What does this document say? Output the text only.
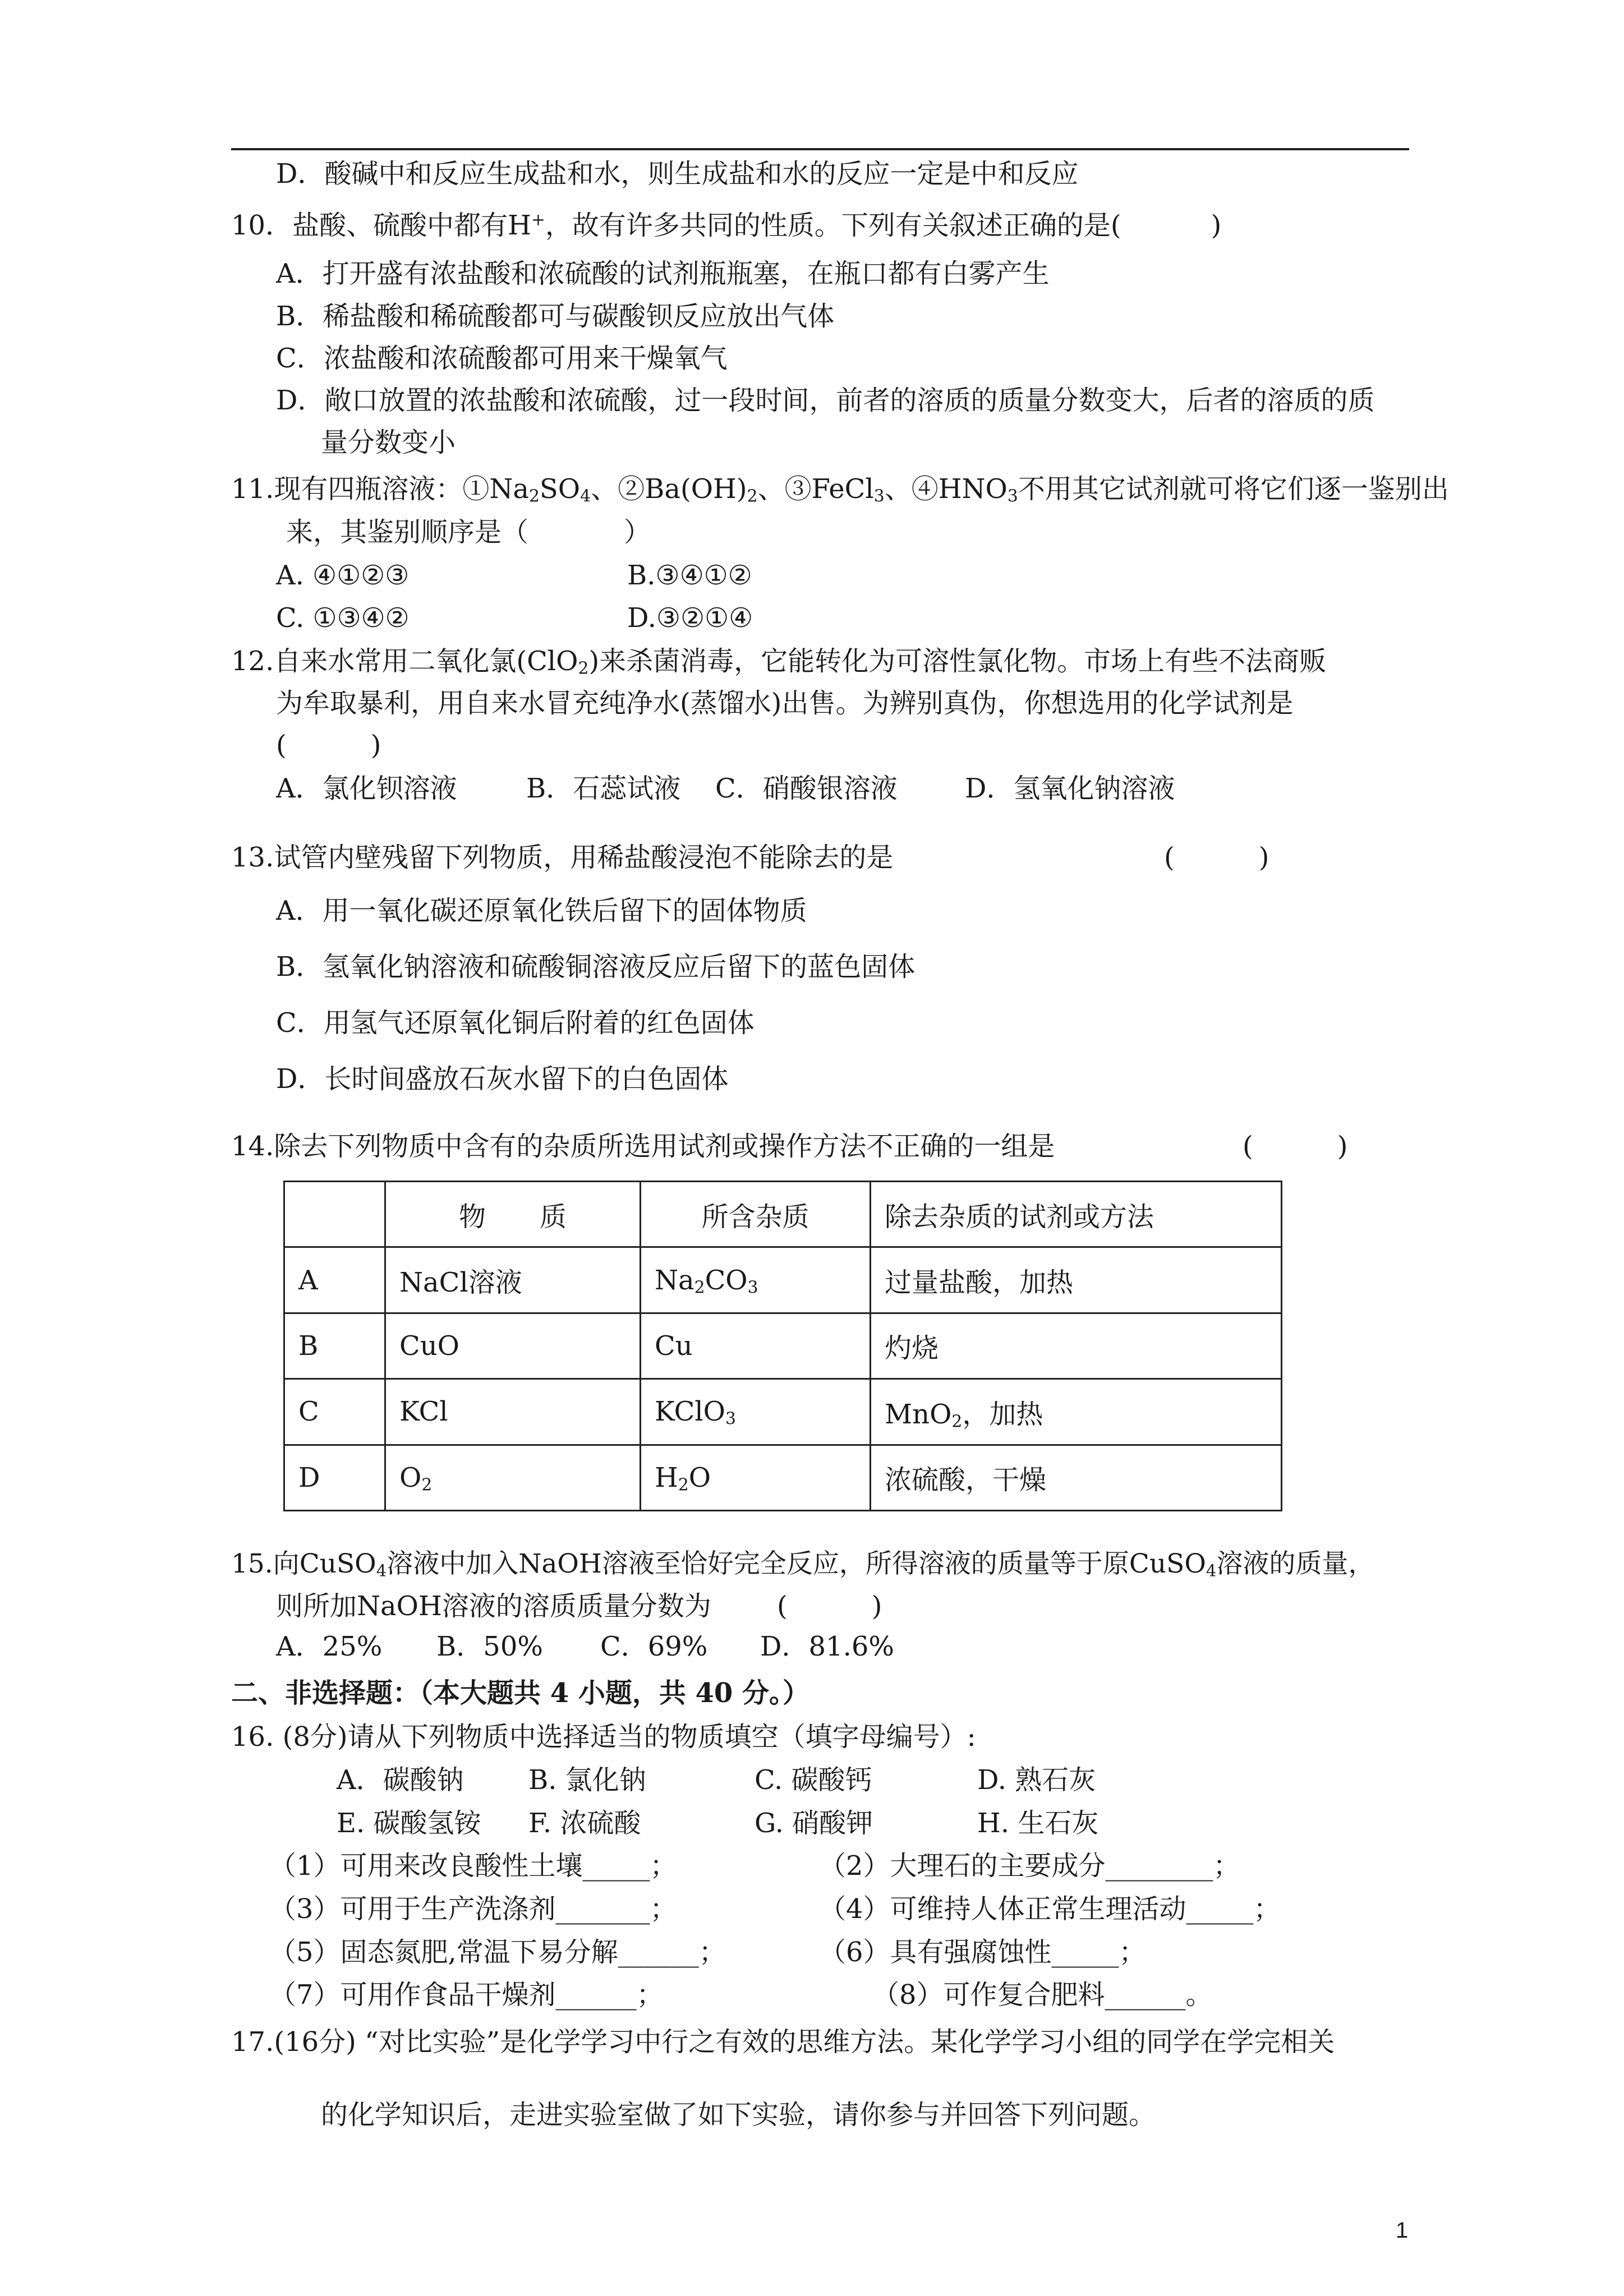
D．酸碱中和反应生成盐和水，则生成盐和水的反应一定是中和反应
10．盐酸、硫酸中都有H+，故有许多共同的性质。下列有关叙述正确的是(	)
A．打开盛有浓盐酸和浓硫酸的试剂瓶瓶塞，在瓶口都有白雾产生
B．稀盐酸和稀硫酸都可与碳酸钡反应放出气体
C．浓盐酸和浓硫酸都可用来干燥氧气
D．敞口放置的浓盐酸和浓硫酸，过一段时间，前者的溶质的质量分数变大，后者的溶质的质
量分数变小
11.现有四瓶溶液：$①Na_2SO_4$、$②Ba(OH)_2$、③FeCl$_3$、$④HNO_3$不用其它试剂就可将它们逐一鉴别出
来，其鉴别顺序是（	）
A. ④①②③	B.③④①②
C. ①③④②	D.③②①④
12.自来水常用二氧化氯(ClO$_2$)来杀菌消毒，它能转化为可溶性氯化物。市场上有些不法商贩
为牟取暴利，用自来水冒充纯净水(蒸馏水)出售。为辨别真伪，你想选用的化学试剂是
(	)
A．氯化钡溶液	B．石蕊试液 C．硝酸银溶液	D．氢氧化钠溶液
13.试管内壁残留下列物质，用稀盐酸浸泡不能除去的是	(	)
A．用一氧化碳还原氧化铁后留下的固体物质
B．氢氧化钠溶液和硫酸铜溶液反应后留下的蓝色固体
C．用氢气还原氧化铜后附着的红色固体
D．长时间盛放石灰水留下的白色固体
14.除去下列物质中含有的杂质所选用试剂或操作方法不正确的一组是	(	)
	物　　质	所含杂质	除去杂质的试剂或方法
A	NaCl溶液	$Na_2CO_3$	过量盐酸，加热
B	CuO	Cu	灼烧
C	KCl	KClO$_3$	MnO$_2$，加热
D	$O_2$	$H_2O$	浓硫酸，干燥
15.向CuSO$_4$溶液中加入NaOH溶液至恰好完全反应，所得溶液的质量等于原CuSO$_4$溶液的质量，
则所加NaOH溶液的溶质质量分数为 (	)
A．25% B．50% C．69% D．81.6%
二、非选择题：（本大题共 4 小题，共 40 分。）
16. (8分)请从下列物质中选择适当的物质填空（填字母编号）:
A．碳酸钠 B. 氯化钠	C. 碳酸钙	D. 熟石灰
E. 碳酸氢铵 F. 浓硫酸	G. 硝酸钾	H. 生石灰
（1）可用来改良酸性土壤_____；	（2）大理石的主要成分________；
（3）可用于生产洗涤剂_______；	（4）可维持人体正常生理活动_____；
（5）固态氮肥,常温下易分解______；	（6）具有强腐蚀性_____；
（7）可用作食品干燥剂______；	（8）可作复合肥料______。
17.(16分) “对比实验”是化学学习中行之有效的思维方法。某化学学习小组的同学在学完相关
的化学知识后，走进实验室做了如下实验，请你参与并回答下列问题。
1
